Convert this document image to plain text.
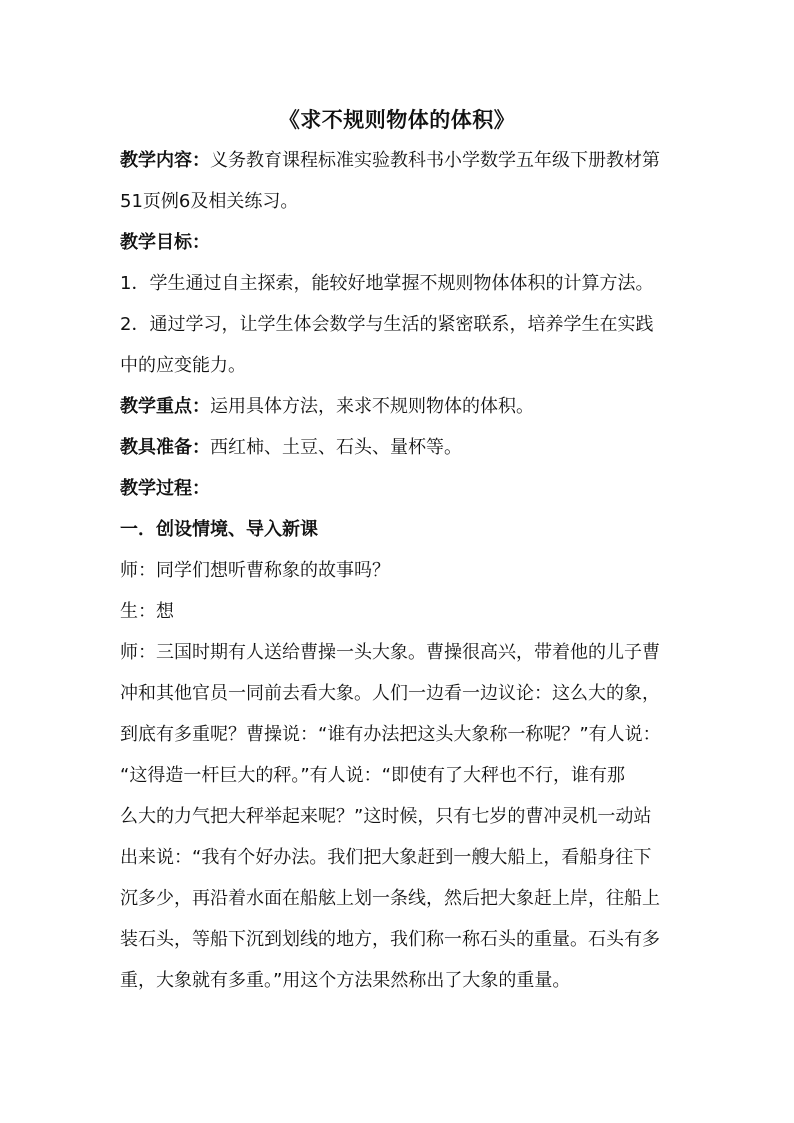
《求不规则物体的体积》
教学内容：义务教育课程标准实验教科书小学数学五年级下册教材第
51页例6及相关练习。
教学目标：
1．学生通过自主探索，能较好地掌握不规则物体体积的计算方法。
2．通过学习，让学生体会数学与生活的紧密联系，培养学生在实践
中的应变能力。
教学重点：运用具体方法，来求不规则物体的体积。
教具准备：西红柿、土豆、石头、量杯等。
教学过程：
一．创设情境、导入新课
师：同学们想听曹称象的故事吗？
生：想
师：三国时期有人送给曹操一头大象。曹操很高兴，带着他的儿子曹
冲和其他官员一同前去看大象。人们一边看一边议论：这么大的象，
到底有多重呢？曹操说：“谁有办法把这头大象称一称呢？”有人说：
“这得造一杆巨大的秤。”有人说：“即使有了大秤也不行，谁有那
么大的力气把大秤举起来呢？”这时候，只有七岁的曹冲灵机一动站
出来说：“我有个好办法。我们把大象赶到一艘大船上，看船身往下
沉多少，再沿着水面在船舷上划一条线，然后把大象赶上岸，往船上
装石头，等船下沉到划线的地方，我们称一称石头的重量。石头有多
重，大象就有多重。”用这个方法果然称出了大象的重量。
